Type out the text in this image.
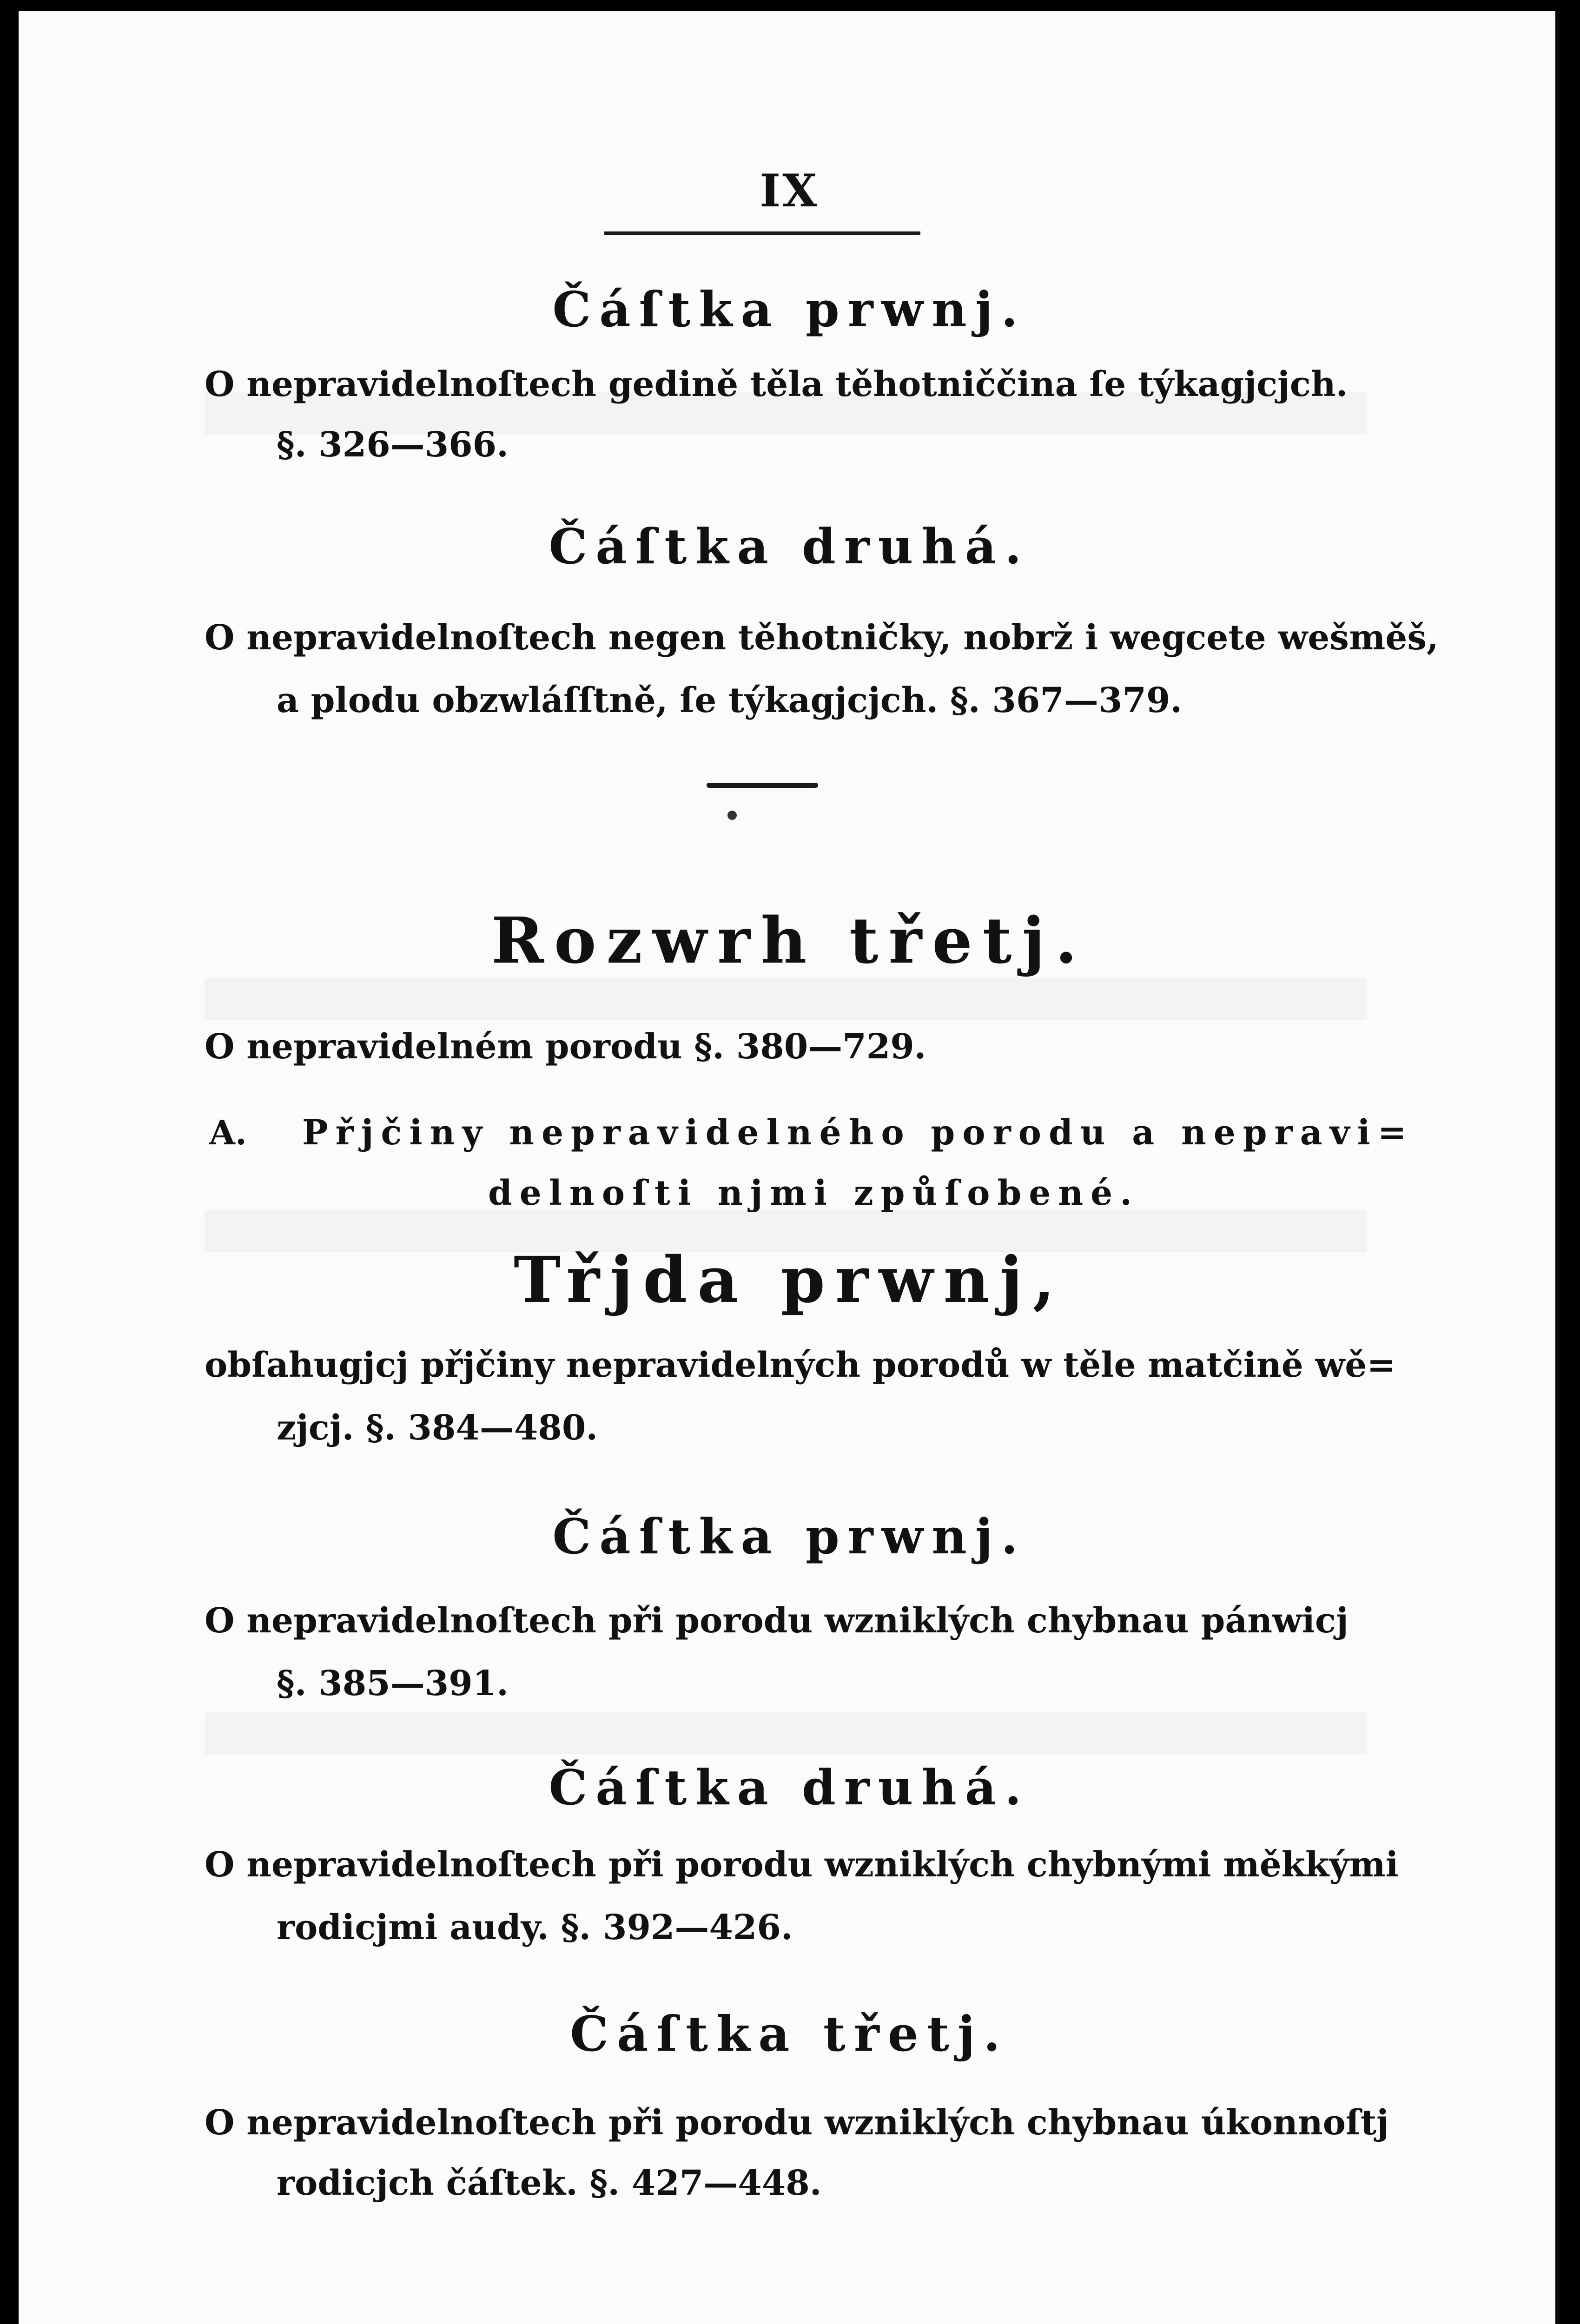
IX
Čáſtka prwnj.
O nepravidelnoſtech gedině těla těhotniččina ſe týkagjcjch.
§. 326—366.
Čáſtka druhá.
O nepravidelnoſtech negen těhotničky, nobrž i wegcete wešměš,
a plodu obzwláſſtně, ſe týkagjcjch. §. 367—379.
Rozwrh třetj.
O nepravidelném porodu §. 380—729.
A. Přjčiny nepravidelného porodu a nepravi=
delnoſti njmi způſobené.
Třjda prwnj,
obſahugjcj přjčiny nepravidelných porodů w těle matčině wě=
zjcj. §. 384—480.
Čáſtka prwnj.
O nepravidelnoſtech při porodu wzniklých chybnau pánwicj
§. 385—391.
Čáſtka druhá.
O nepravidelnoſtech při porodu wzniklých chybnými měkkými
rodicjmi audy. §. 392—426.
Čáſtka třetj.
O nepravidelnoſtech při porodu wzniklých chybnau úkonnoſtj
rodicjch čáſtek. §. 427—448.
